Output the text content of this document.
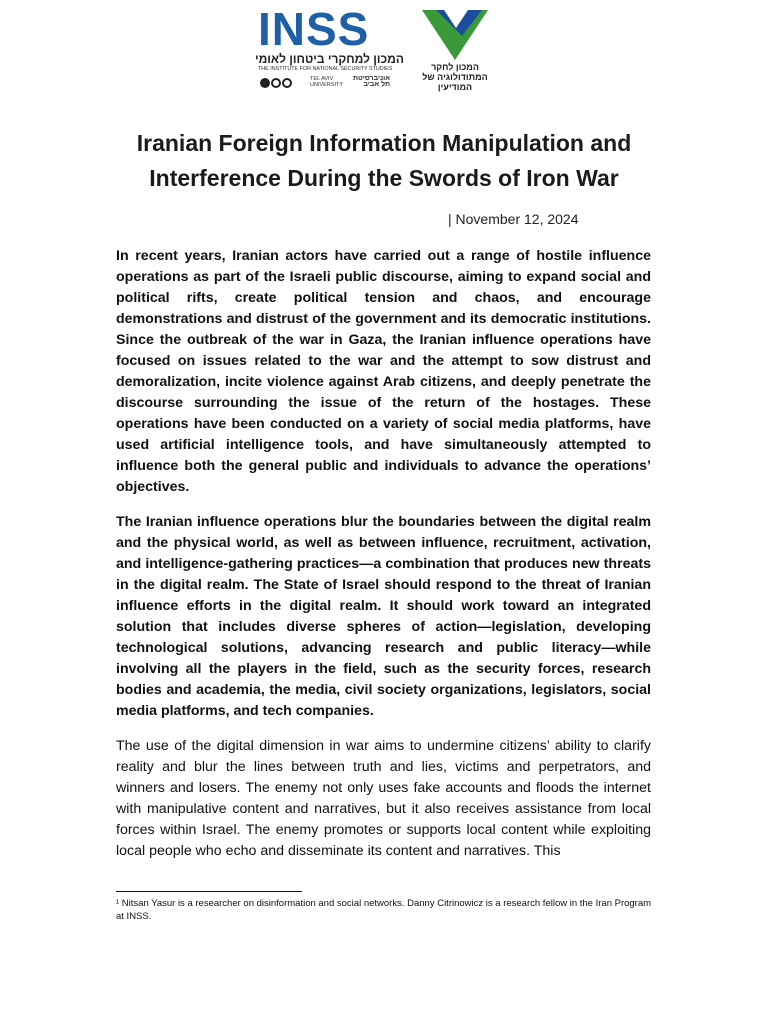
INSS
המכון למחקרי ביטחון לאומי
THE INSTITUTE FOR NATIONAL SECURITY STUDIES
TEL AVIV UNIVERSITY
אוניברסיטת תל אביב
המכון לחקר המתודולוגיה של המודיעין
Iranian Foreign Information Manipulation and Interference During the Swords of Iron War
| November 12, 2024

In recent years, Iranian actors have carried out a range of hostile influence operations as part of the Israeli public discourse, aiming to expand social and political rifts, create political tension and chaos, and encourage demonstrations and distrust of the government and its democratic institutions. Since the outbreak of the war in Gaza, the Iranian influence operations have focused on issues related to the war and the attempt to sow distrust and demoralization, incite violence against Arab citizens, and deeply penetrate the discourse surrounding the issue of the return of the hostages. These operations have been conducted on a variety of social media platforms, have used artificial intelligence tools, and have simultaneously attempted to influence both the general public and individuals to advance the operations’ objectives.

The Iranian influence operations blur the boundaries between the digital realm and the physical world, as well as between influence, recruitment, activation, and intelligence-gathering practices—a combination that produces new threats in the digital realm. The State of Israel should respond to the threat of Iranian influence efforts in the digital realm. It should work toward an integrated solution that includes diverse spheres of action—legislation, developing technological solutions, advancing research and public literacy—while involving all the players in the field, such as the security forces, research bodies and academia, the media, civil society organizations, legislators, social media platforms, and tech companies.

The use of the digital dimension in war aims to undermine citizens’ ability to clarify reality and blur the lines between truth and lies, victims and perpetrators, and winners and losers. The enemy not only uses fake accounts and floods the internet with manipulative content and narratives, but it also receives assistance from local forces within Israel. The enemy promotes or supports local content while exploiting local people who echo and disseminate its content and narratives. This

¹ Nitsan Yasur is a researcher on disinformation and social networks. Danny Citrinowicz is a research fellow in the Iran Program at INSS.
